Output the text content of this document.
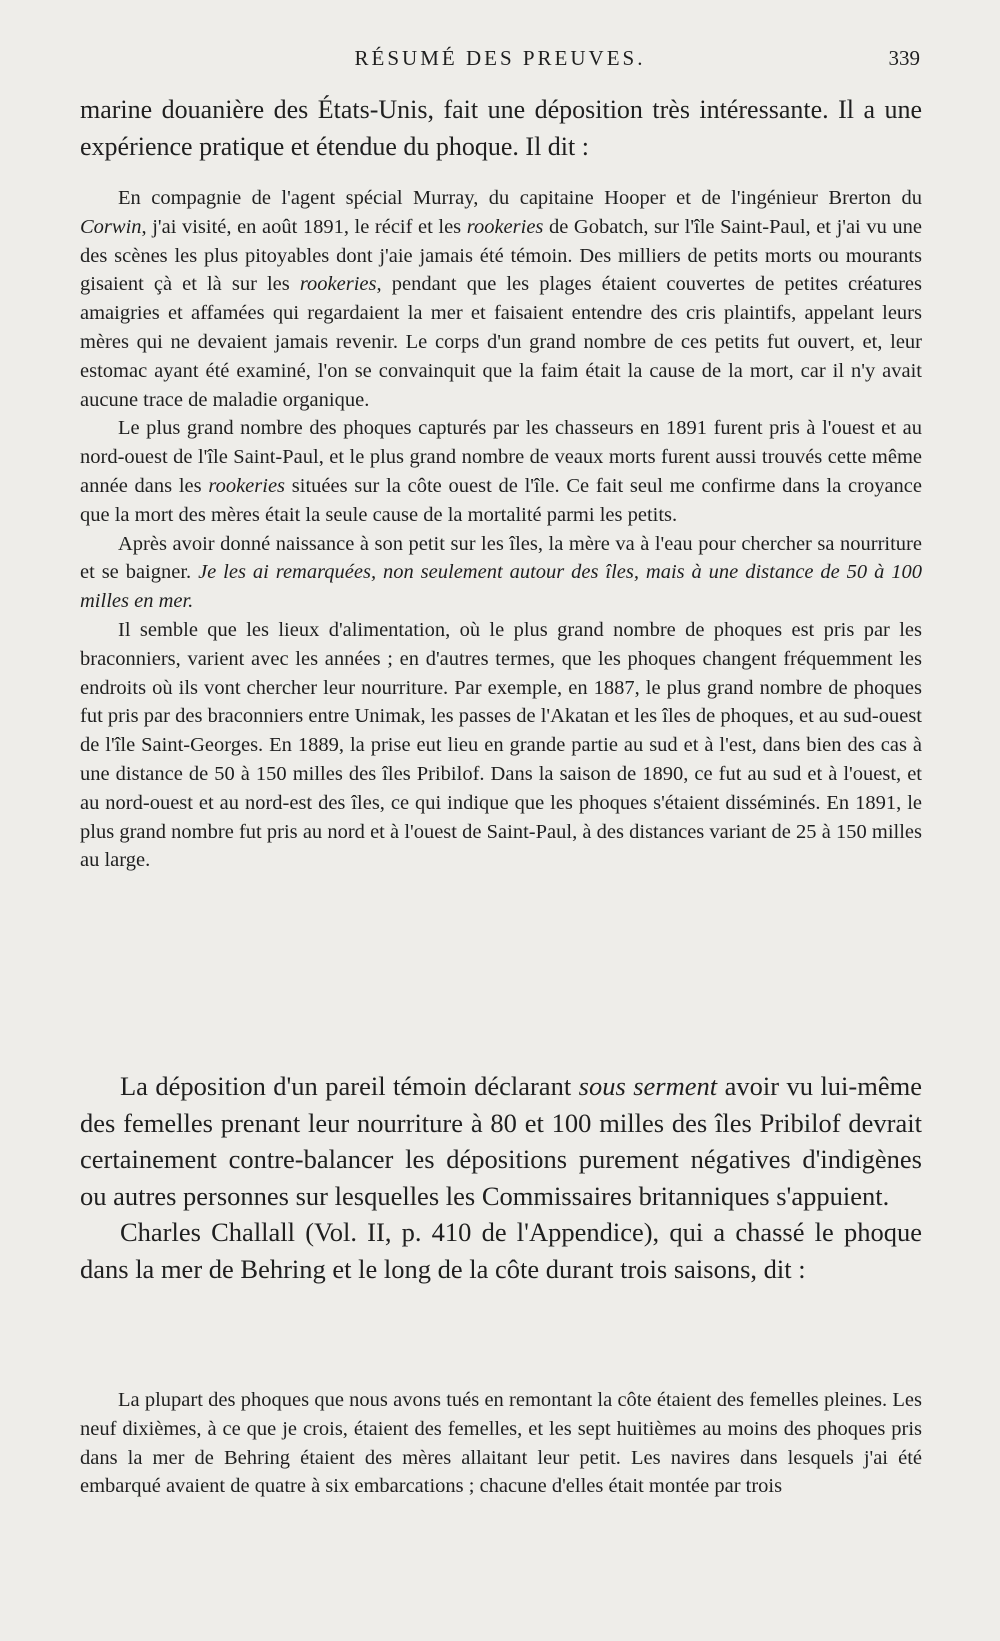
RÉSUMÉ DES PREUVES.	339

marine douanière des États-Unis, fait une déposition très intéressante. Il a une expérience pratique et étendue du phoque. Il dit :

En compagnie de l'agent spécial Murray, du capitaine Hooper et de l'ingénieur Brerton du Corwin, j'ai visité, en août 1891, le récif et les rookeries de Gobatch, sur l'île Saint-Paul, et j'ai vu une des scènes les plus pitoyables dont j'aie jamais été témoin. Des milliers de petits morts ou mourants gisaient çà et là sur les rookeries, pendant que les plages étaient couvertes de petites créatures amaigries et affamées qui regardaient la mer et faisaient entendre des cris plaintifs, appelant leurs mères qui ne devaient jamais revenir. Le corps d'un grand nombre de ces petits fut ouvert, et, leur estomac ayant été examiné, l'on se convainquit que la faim était la cause de la mort, car il n'y avait aucune trace de maladie organique.

Le plus grand nombre des phoques capturés par les chasseurs en 1891 furent pris à l'ouest et au nord-ouest de l'île Saint-Paul, et le plus grand nombre de veaux morts furent aussi trouvés cette même année dans les rookeries situées sur la côte ouest de l'île. Ce fait seul me confirme dans la croyance que la mort des mères était la seule cause de la mortalité parmi les petits.

Après avoir donné naissance à son petit sur les îles, la mère va à l'eau pour chercher sa nourriture et se baigner. Je les ai remarquées, non seulement autour des îles, mais à une distance de 50 à 100 milles en mer.

Il semble que les lieux d'alimentation, où le plus grand nombre de phoques est pris par les braconniers, varient avec les années ; en d'autres termes, que les phoques changent fréquemment les endroits où ils vont chercher leur nourriture. Par exemple, en 1887, le plus grand nombre de phoques fut pris par des braconniers entre Unimak, les passes de l'Akatan et les îles de phoques, et au sud-ouest de l'île Saint-Georges. En 1889, la prise eut lieu en grande partie au sud et à l'est, dans bien des cas à une distance de 50 à 150 milles des îles Pribilof. Dans la saison de 1890, ce fut au sud et à l'ouest, et au nord-ouest et au nord-est des îles, ce qui indique que les phoques s'étaient disséminés. En 1891, le plus grand nombre fut pris au nord et à l'ouest de Saint-Paul, à des distances variant de 25 à 150 milles au large.

La déposition d'un pareil témoin déclarant sous serment avoir vu lui-même des femelles prenant leur nourriture à 80 et 100 milles des îles Pribilof devrait certainement contre-balancer les dépositions purement négatives d'indigènes ou autres personnes sur lesquelles les Commissaires britanniques s'appuient.

Charles Challall (Vol. II, p. 410 de l'Appendice), qui a chassé le phoque dans la mer de Behring et le long de la côte durant trois saisons, dit :

La plupart des phoques que nous avons tués en remontant la côte étaient des femelles pleines. Les neuf dixièmes, à ce que je crois, étaient des femelles, et les sept huitièmes au moins des phoques pris dans la mer de Behring étaient des mères allaitant leur petit. Les navires dans lesquels j'ai été embarqué avaient de quatre à six embarcations ; chacune d'elles était montée par trois
